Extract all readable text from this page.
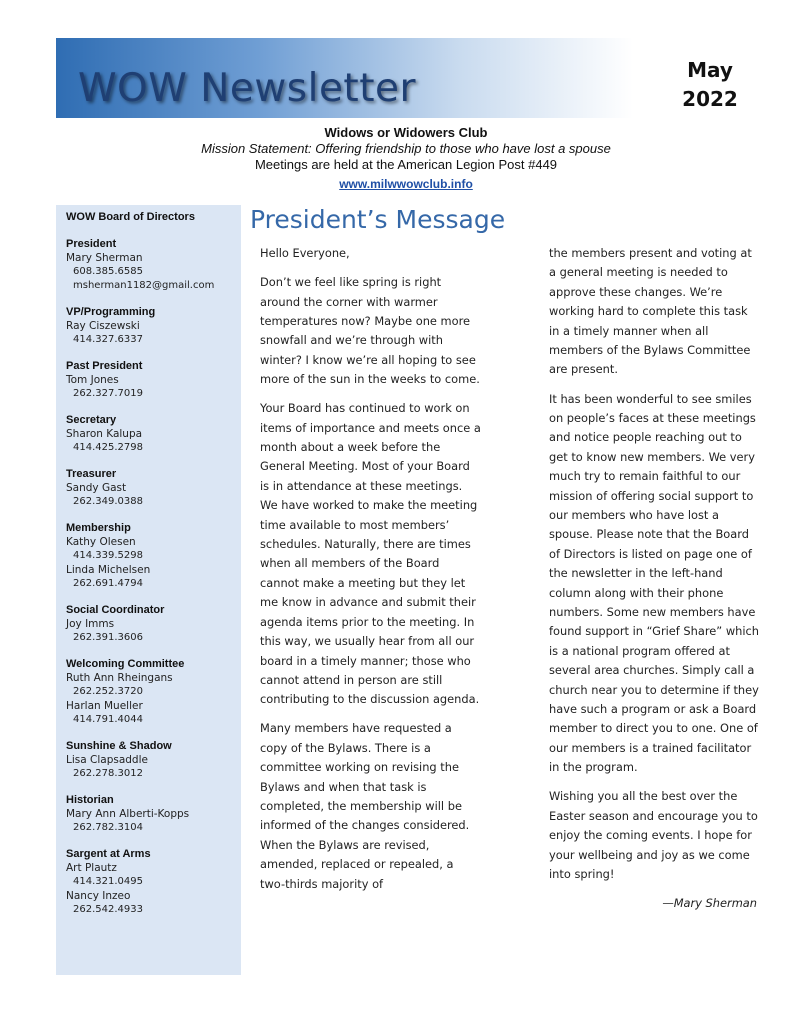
WOW Newsletter	May
2022
Widows or Widowers Club
Mission Statement: Offering friendship to those who have lost a spouse
Meetings are held at the American Legion Post #449
www.milwwowclub.info
WOW Board of Directors
President
Mary Sherman
608.385.6585
msherman1182@gmail.com
VP/Programming
Ray Ciszewski
414.327.6337
Past President
Tom Jones
262.327.7019
Secretary
Sharon Kalupa
414.425.2798
Treasurer
Sandy Gast
262.349.0388
Membership
Kathy Olesen
414.339.5298
Linda Michelsen
262.691.4794
Social Coordinator
Joy Imms
262.391.3606
Welcoming Committee
Ruth Ann Rheingans
262.252.3720
Harlan Mueller
414.791.4044
Sunshine & Shadow
Lisa Clapsaddle
262.278.3012
Historian
Mary Ann Alberti-Kopps
262.782.3104
Sargent at Arms
Art Plautz
414.321.0495
Nancy Inzeo
262.542.4933
President’s Message

Hello Everyone,

Don’t we feel like spring is right around the corner with warmer temperatures now? Maybe one more snowfall and we’re through with winter? I know we’re all hoping to see more of the sun in the weeks to come.

Your Board has continued to work on items of importance and meets once a month about a week before the General Meeting. Most of your Board is in attendance at these meetings. We have worked to make the meeting time available to most members’ schedules. Naturally, there are times when all members of the Board cannot make a meeting but they let me know in advance and submit their agenda items prior to the meeting. In this way, we usually hear from all our board in a timely manner; those who cannot attend in person are still contributing to the discussion agenda.

Many members have requested a copy of the Bylaws. There is a committee working on revising the Bylaws and when that task is completed, the membership will be informed of the changes considered. When the Bylaws are revised, amended, replaced or repealed, a two-thirds majority of

the members present and voting at a general meeting is needed to approve these changes. We’re working hard to complete this task in a timely manner when all members of the Bylaws Committee are present.

It has been wonderful to see smiles on people’s faces at these meetings and notice people reaching out to get to know new members. We very much try to remain faithful to our mission of offering social support to our members who have lost a spouse. Please note that the Board of Directors is listed on page one of the newsletter in the left-hand column along with their phone numbers. Some new members have found support in “Grief Share” which is a national program offered at several area churches. Simply call a church near you to determine if they have such a program or ask a Board member to direct you to one. One of our members is a trained facilitator in the program.

Wishing you all the best over the Easter season and encourage you to enjoy the coming events. I hope for your wellbeing and joy as we come into spring!

—Mary Sherman
